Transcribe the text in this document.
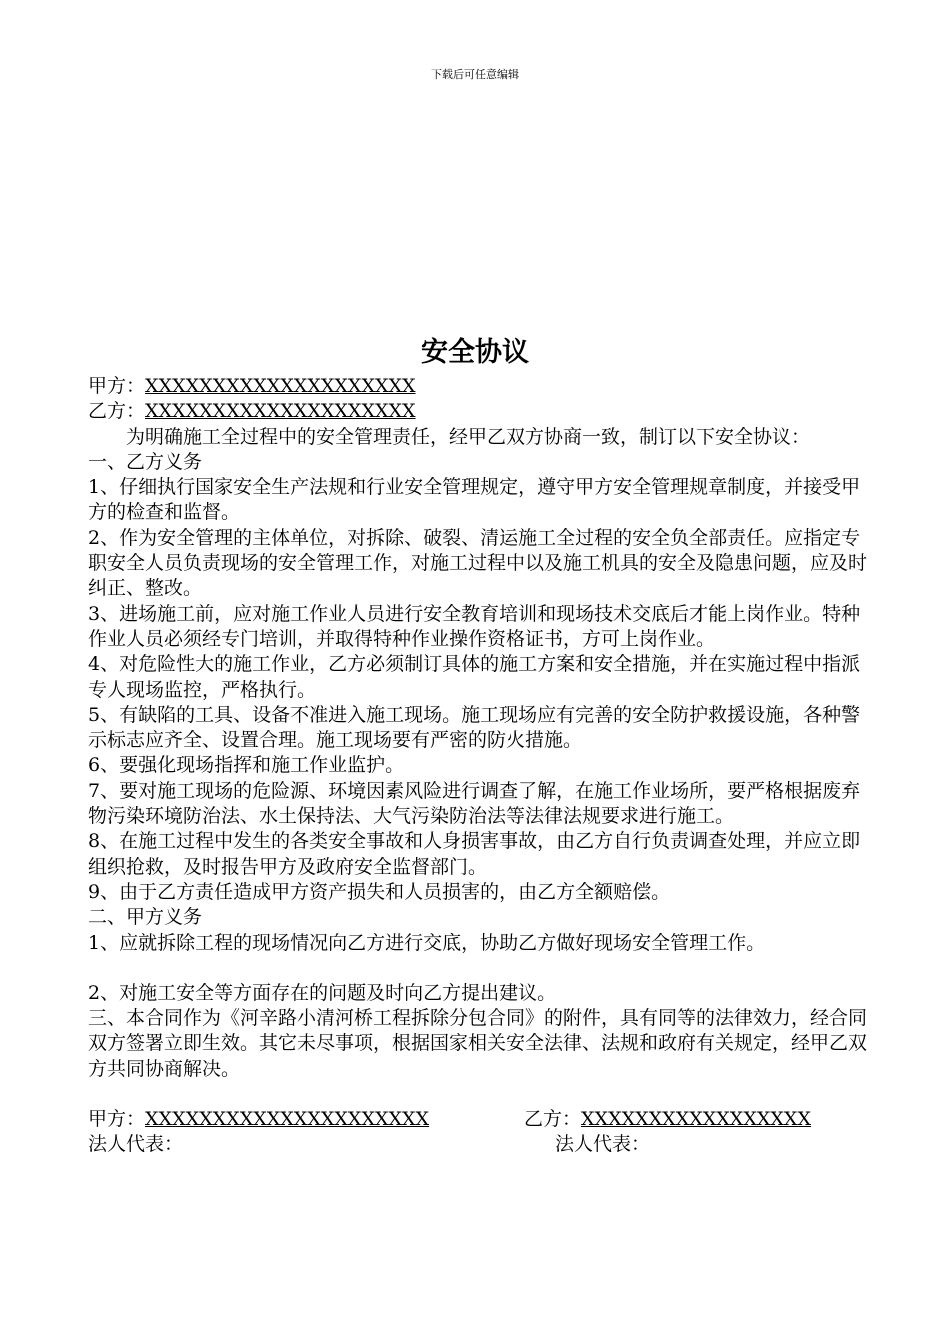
下载后可任意编辑
安全协议
甲方：XXXXXXXXXXXXXXXXXXXX
乙方：XXXXXXXXXXXXXXXXXXXX

为明确施工全过程中的安全管理责任，经甲乙双方协商一致，制订以下安全协议：

一、乙方义务

1、仔细执行国家安全生产法规和行业安全管理规定，遵守甲方安全管理规章制度，并接受甲方的检查和监督。

2、作为安全管理的主体单位，对拆除、破裂、清运施工全过程的安全负全部责任。应指定专职安全人员负责现场的安全管理工作，对施工过程中以及施工机具的安全及隐患问题，应及时纠正、整改。

3、进场施工前，应对施工作业人员进行安全教育培训和现场技术交底后才能上岗作业。特种作业人员必须经专门培训，并取得特种作业操作资格证书，方可上岗作业。

4、对危险性大的施工作业，乙方必须制订具体的施工方案和安全措施，并在实施过程中指派专人现场监控，严格执行。

5、有缺陷的工具、设备不准进入施工现场。施工现场应有完善的安全防护救援设施，各种警示标志应齐全、设置合理。施工现场要有严密的防火措施。

6、要强化现场指挥和施工作业监护。

7、要对施工现场的危险源、环境因素风险进行调查了解，在施工作业场所，要严格根据废弃物污染环境防治法、水土保持法、大气污染防治法等法律法规要求进行施工。

8、在施工过程中发生的各类安全事故和人身损害事故，由乙方自行负责调查处理，并应立即组织抢救，及时报告甲方及政府安全监督部门。

9、由于乙方责任造成甲方资产损失和人员损害的，由乙方全额赔偿。

二、甲方义务

1、应就拆除工程的现场情况向乙方进行交底，协助乙方做好现场安全管理工作。

2、对施工安全等方面存在的问题及时向乙方提出建议。

三、本合同作为《河辛路小清河桥工程拆除分包合同》的附件，具有同等的法律效力，经合同双方签署立即生效。其它未尽事项，根据国家相关安全法律、法规和政府有关规定，经甲乙双方共同协商解决。

甲方：XXXXXXXXXXXXXXXXXXXXX	乙方：XXXXXXXXXXXXXXXXX
法人代表：	法人代表：
